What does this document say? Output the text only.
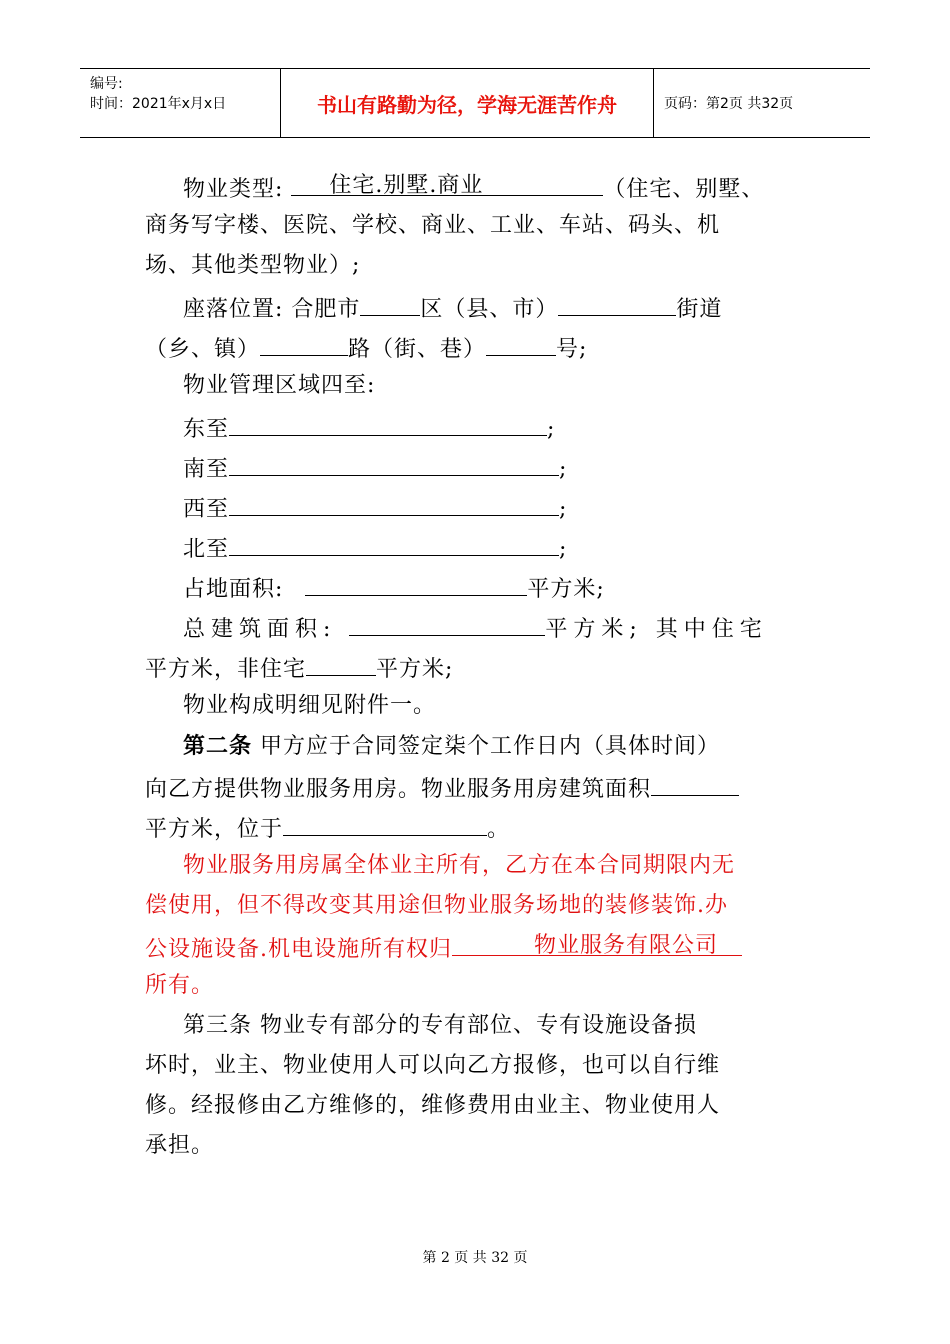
编号:
时间：2021年x月x日	书山有路勤为径，学海无涯苦作舟	页码：第2页 共32页
物业类型: 住宅.别墅.商业	（住宅、别墅、
商务写字楼、医院、学校、商业、工业、车站、码头、机
场、其他类型物业）;
座落位置: 合肥市	区（县、市）	街道
（乡、镇）	路（街、巷）	号;
物业管理区域四至:
东至	;
南至	;
西至	;
北至	;
占地面积:	平方米;
总建筑面积:	平方米; 其中住宅
平方米，非住宅	平方米;
物业构成明细见附件一。
第二条 甲方应于合同签定柒个工作日内（具体时间）
向乙方提供物业服务用房。物业服务用房建筑面积
平方米，位于	。
物业服务用房属全体业主所有，乙方在本合同期限内无
偿使用，但不得改变其用途但物业服务场地的装修装饰.办
公设施设备.机电设施所有权归	物业服务有限公司
所有。
第三条 物业专有部分的专有部位、专有设施设备损
坏时，业主、物业使用人可以向乙方报修，也可以自行维
修。经报修由乙方维修的，维修费用由业主、物业使用人
承担。
第 2 页 共 32 页
